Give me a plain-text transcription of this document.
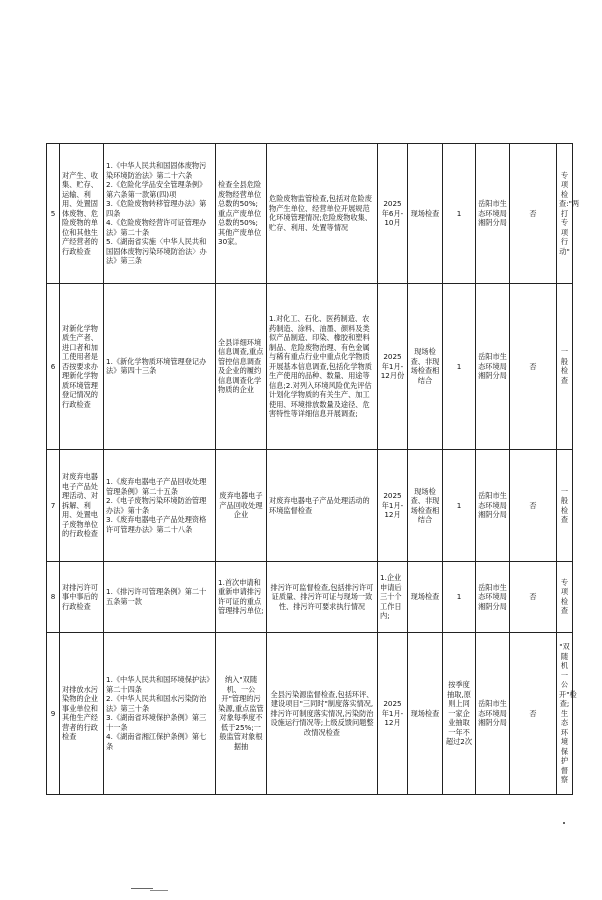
5	对产生、收集、贮存、运输、利用、处置固体废物、危险废物的单位和其他生产经营者的行政检查	1.《中华人民共和国固体废物污染环境防治法》第二十六条
2.《危险化学品安全管理条例》第六条第一款第(四)项
3.《危险废物转移管理办法》第四条
4.《危险废物经营许可证管理办法》第二十条
5.《湖南省实施〈中华人民共和国固体废物污染环境防治法〉办法》第三条	检查全县危险废物经营单位总数的50%;重点产废单位总数的50%;其他产废单位30家。	危险废物监管检查,包括对危险废物产生单位、经营单位开展规范化环境管理情况;危险废物收集、贮存、利用、处置等情况	2025年6月-10月	现场检查	1	岳阳市生态环境局湘阴分局	否	专项检查:"两打专项行动"
6	对新化学物质生产者、进口者和加工使用者是否按要求办理新化学物质环境管理登记情况的行政检查	1.《新化学物质环境管理登记办法》第四十三条	全县详细环境信息调查,重点管控信息调查及企业的履约信息调查化学物质的企业	1.对化工、石化、医药制造、农药制造、涂料、油墨、颜料及类似产品制造、印染、橡胶和塑料制品、危险废物治理、有色金属与稀有重点行业中重点化学物质开展基本信息调查,包括化学物质生产使用的品种、数量、用途等信息;2.对列入环境风险优先评估计划化学物质的有关生产、加工使用、环境排放数量及途径、危害特性等详细信息开展调查;	2025年1月-12月份	现场检查、非现场检查相结合	1	岳阳市生态环境局湘阴分局	否	一般检查
7	对废弃电器电子产品处理活动、对拆解、利用、处置电子废物单位的行政检查	1.《废弃电器电子产品回收处理管理条例》第二十五条
2.《电子废物污染环境防治管理办法》第十条
3.《废弃电器电子产品处理资格许可管理办法》第二十八条	废弃电器电子产品回收处理企业	对废弃电器电子产品处理活动的环境监督检查	2025年1月-12月	现场检查、非现场检查相结合	1	岳阳市生态环境局湘阴分局	否	一般检查
8	对排污许可事中事后的行政检查	1.《排污许可管理条例》第二十五条第一款	1.首次申请和重新申请排污许可证的重点管理排污单位;	排污许可监督检查,包括排污许可证质量、排污许可证与现场一致性、排污许可要求执行情况	1.企业申请后三十个工作日内;	现场检查	1	岳阳市生态环境局湘阴分局	否	专项检查
9	对排放水污染物的企业事业单位和其他生产经营者的行政检查	1.《中华人民共和国环境保护法》第二十四条
2.《中华人民共和国水污染防治法》第三十条
3.《湖南省环境保护条例》第三十一条
4.《湖南省湘江保护条例》第七条	纳入"双随机、一公开"管理的污染源,重点监管对象每季度不低于25%;一般监管对象根据抽	全县污染源监督检查,包括环评、建设项目"三同时"制度落实情况,排污许可制度落实情况,污染防治设施运行情况等;上级反馈问题整改情况检查	2025年1月-12月	现场检查	按季度抽取,原则上同一家企业抽取一年不超过2次	岳阳市生态环境局湘阴分局	否	"双随机一公开"检查;生态环境保护督察
